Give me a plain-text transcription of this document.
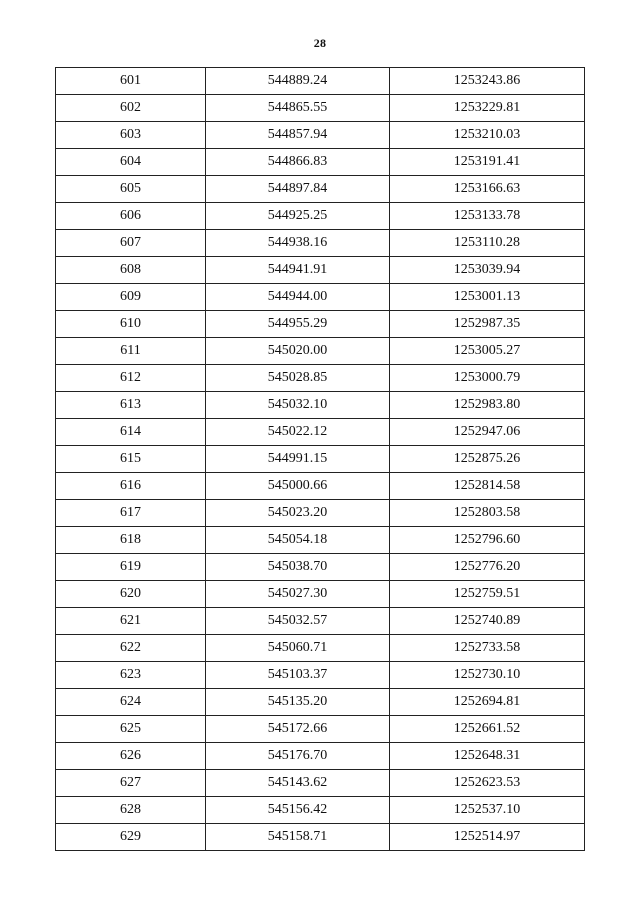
28
601	544889.24	1253243.86
602	544865.55	1253229.81
603	544857.94	1253210.03
604	544866.83	1253191.41
605	544897.84	1253166.63
606	544925.25	1253133.78
607	544938.16	1253110.28
608	544941.91	1253039.94
609	544944.00	1253001.13
610	544955.29	1252987.35
611	545020.00	1253005.27
612	545028.85	1253000.79
613	545032.10	1252983.80
614	545022.12	1252947.06
615	544991.15	1252875.26
616	545000.66	1252814.58
617	545023.20	1252803.58
618	545054.18	1252796.60
619	545038.70	1252776.20
620	545027.30	1252759.51
621	545032.57	1252740.89
622	545060.71	1252733.58
623	545103.37	1252730.10
624	545135.20	1252694.81
625	545172.66	1252661.52
626	545176.70	1252648.31
627	545143.62	1252623.53
628	545156.42	1252537.10
629	545158.71	1252514.97
